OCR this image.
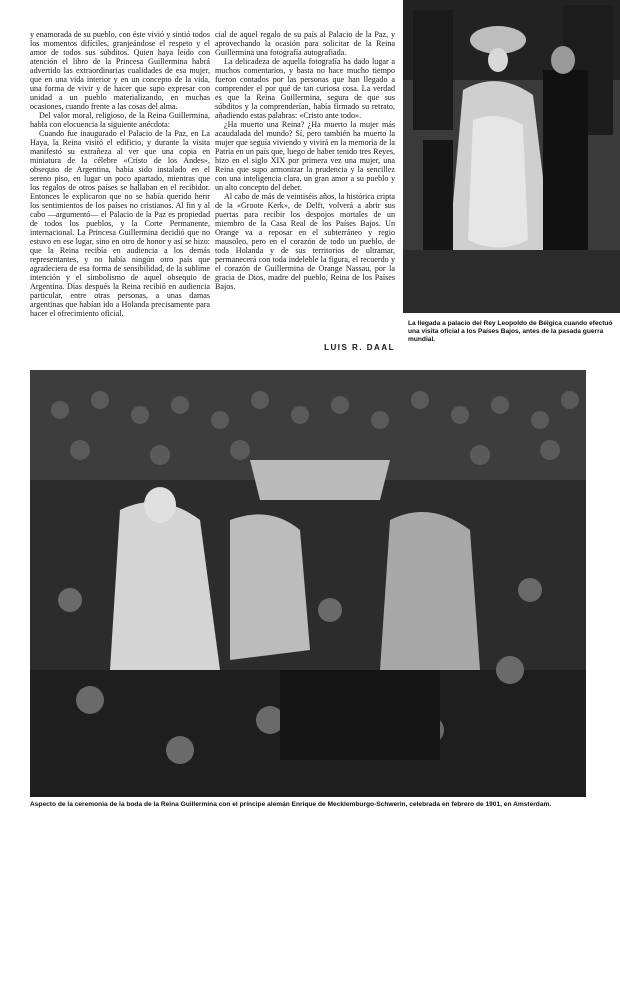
y enamorada de su pueblo, con éste vivió y sintió todos los momentos difíciles, granjeándose el respeto y el amor de todos sus súbditos. Quien haya leído con atención el libro de la Princesa Guillermina habrá advertido las extraordinarias cualidades de esa mujer, que en una vida interior y en un concepto de la vida, una forma de vivir y de hacer que supo expresar con unidad a un pueblo materializando, en muchas ocasiones, cuando frente a las cosas del alma.

Del valor moral, religioso, de la Reina Guillermina, habla con elocuencia la siguiente anécdota:

Cuando fue inaugurado el Palacio de la Paz, en La Haya, la Reina visitó el edificio, y durante la visita manifestó su extrañeza al ver que una copia en miniatura de la célebre «Cristo de los Andes», obsequio de Argentina, había sido instalado en el sereno piso, en lugar un poco apartado, mientras que los regalos de otros países se hallaban en el recibidor. Entonces le explicaron que no se había querido herir los sentimientos de los países no cristianos. Al fin y al cabo —argumentó— el Palacio de la Paz es propiedad de todos los pueblos, y la Corte Permanente, internacional. La Princesa Guillermina decidió que no estuvo en ese lugar, sino en otro de honor y así se hizo: que la Reina recibía en audiencia a los demás representantes, y no había ningún otro país que agradeciera de esa forma de sensibilidad, de la sublime intención y el simbolismo de aquel obsequio de Argentina. Días después la Reina recibió en audiencia particular, entre otras personas, a unas damas argentinas que habían ido a Holanda precisamente para hacer el ofrecimiento oficial.

cial de aquel regalo de su país al Palacio de la Paz, y aprovechando la ocasión para solicitar de la Reina Guillermina una fotografía autografiada.

La delicadeza de aquella fotografía ha dado lugar a muchos comentarios, y basta no hace mucho tiempo fueron contados por las personas que han llegado a comprender el por qué de tan curiosa cosa. La verdad es que la Reina Guillermina, segura de que sus súbditos y la comprenderían, había firmado su retrato, añadiendo estas palabras: «Cristo ante todo».

¿Ha muerto una Reina? ¿Ha muerto la mujer más acaudalada del mundo? Sí, pero también ha muerto la mujer que seguía viviendo y vivirá en la memoria de la Patria en un país que, luego de haber tenido tres Reyes, hizo en el siglo XIX por primera vez una mujer, una Reina que supo armonizar la prudencia y la sencillez con una inteligencia clara, un gran amor a su pueblo y un alto concepto del deber.

Al cabo de más de veintiséis años, la histórica cripta de la «Groote Kerk», de Delft, volverá a abrir sus puertas para recibir los despojos mortales de un miembro de la Casa Real de los Países Bajos. Un Orange va a reposar en el subterráneo y regio mausoleo, pero en el corazón de todo un pueblo, de toda Holanda y de sus territorios de ultramar, permanecerá con toda indeleble la figura, el recuerdo y el corazón de Guillermina de Orange Nassau, por la gracia de Dios, madre del pueblo, Reina de los Países Bajos.

LUIS R. DAAL
La llegada a palacio del Rey Leopoldo de Bélgica cuando efectuó una visita oficial a los Países Bajos, antes de la pasada guerra mundial.
ABC
Aspecto de la ceremonia de la boda de la Reina Guillermina con el príncipe alemán Enrique de Mecklemburgo-Schwerin, celebrada en febrero de 1901, en Amsterdam.
